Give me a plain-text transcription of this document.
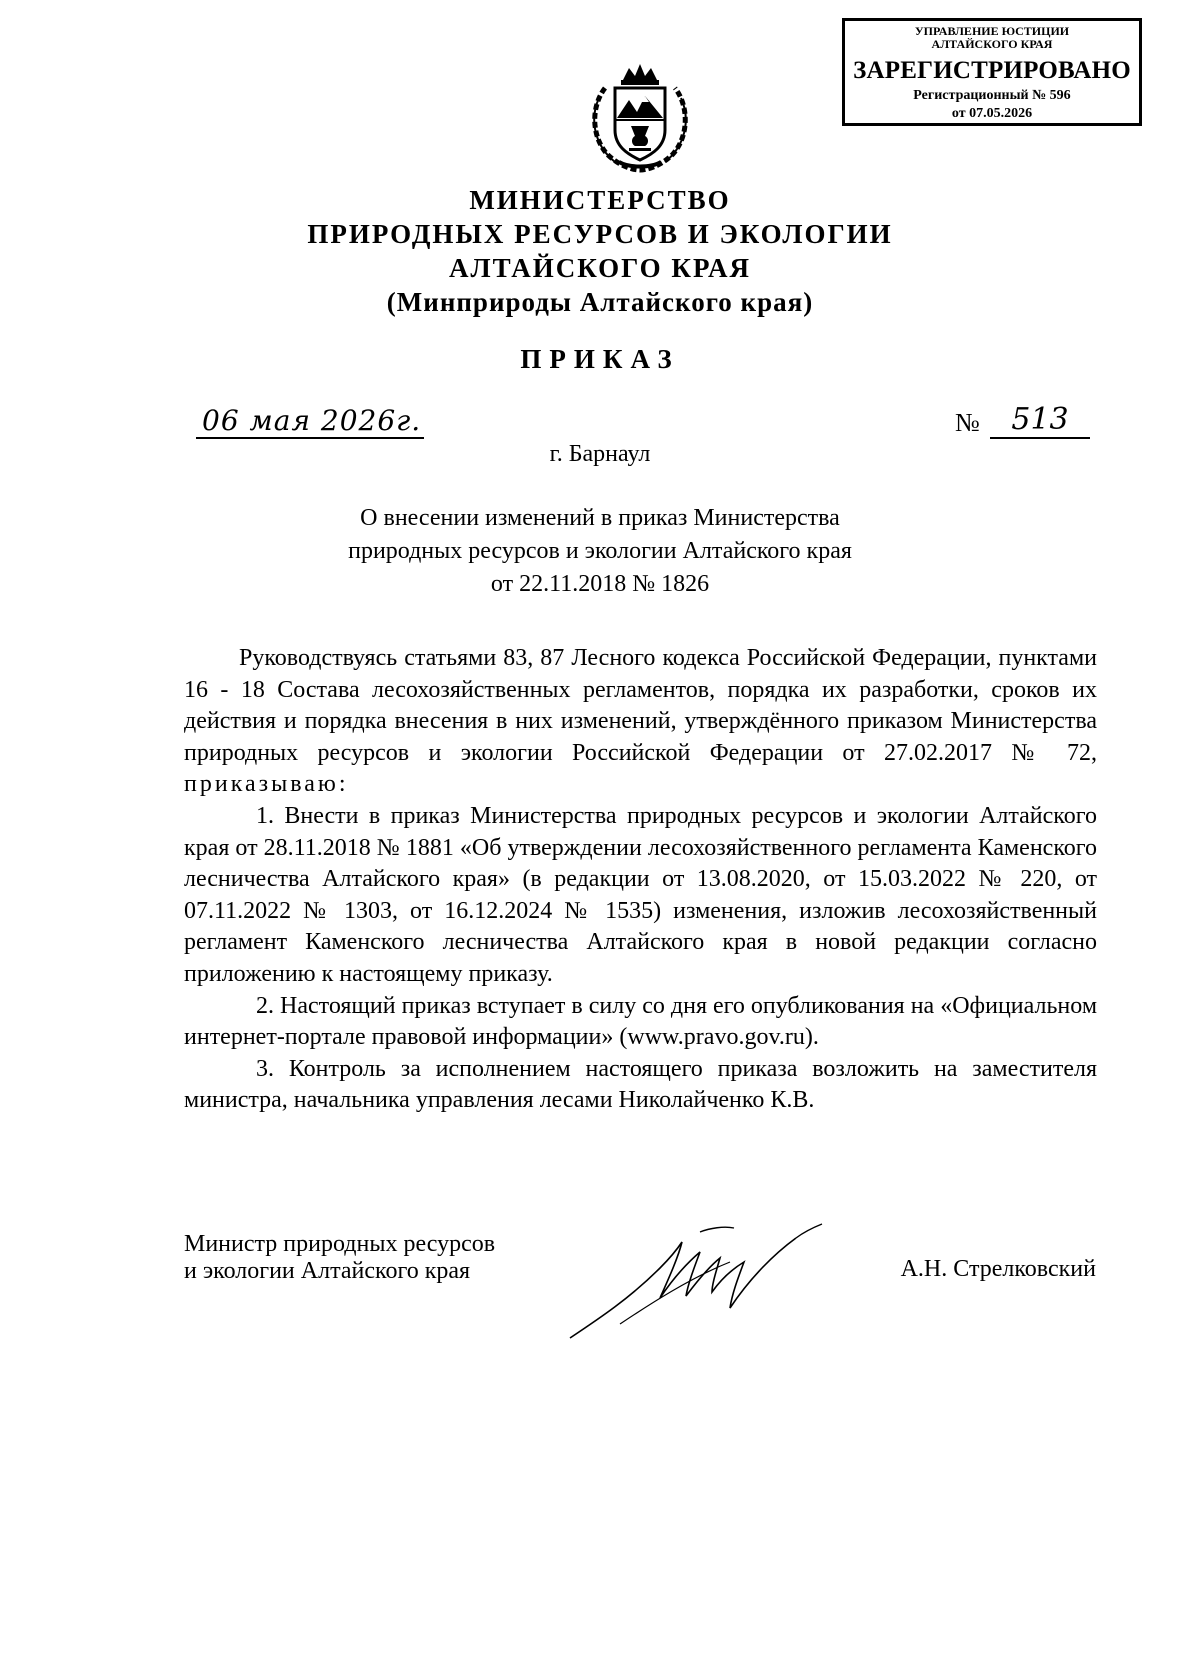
УПРАВЛЕНИЕ ЮСТИЦИИ
АЛТАЙСКОГО КРАЯ
ЗАРЕГИСТРИРОВАНО
Регистрационный № 596
от 07.05.2026
МИНИСТЕРСТВО
ПРИРОДНЫХ РЕСУРСОВ И ЭКОЛОГИИ
АЛТАЙСКОГО КРАЯ
(Минприроды Алтайского края)
ПРИКАЗ
06 мая 2026г.	№	513
г. Барнаул
О внесении изменений в приказ Министерства
природных ресурсов и экологии Алтайского края
от 22.11.2018 № 1826

Руководствуясь статьями 83, 87 Лесного кодекса Российской Федерации, пунктами 16 - 18 Состава лесохозяйственных регламентов, порядка их разработки, сроков их действия и порядка внесения в них изменений, утверждённого приказом Министерства природных ресурсов и экологии Российской Федерации от 27.02.2017 № 72, приказываю:

1. Внести в приказ Министерства природных ресурсов и экологии Алтайского края от 28.11.2018 № 1881 «Об утверждении лесохозяйственного регламента Каменского лесничества Алтайского края» (в редакции от 13.08.2020, от 15.03.2022 № 220, от 07.11.2022 № 1303, от 16.12.2024 № 1535) изменения, изложив лесохозяйственный регламент Каменского лесничества Алтайского края в новой редакции согласно приложению к настоящему приказу.

2. Настоящий приказ вступает в силу со дня его опубликования на «Официальном интернет-портале правовой информации» (www.pravo.gov.ru).

3. Контроль за исполнением настоящего приказа возложить на заместителя министра, начальника управления лесами Николайченко К.В.

Министр природных ресурсов
и экологии Алтайского края	А.Н. Стрелковский
